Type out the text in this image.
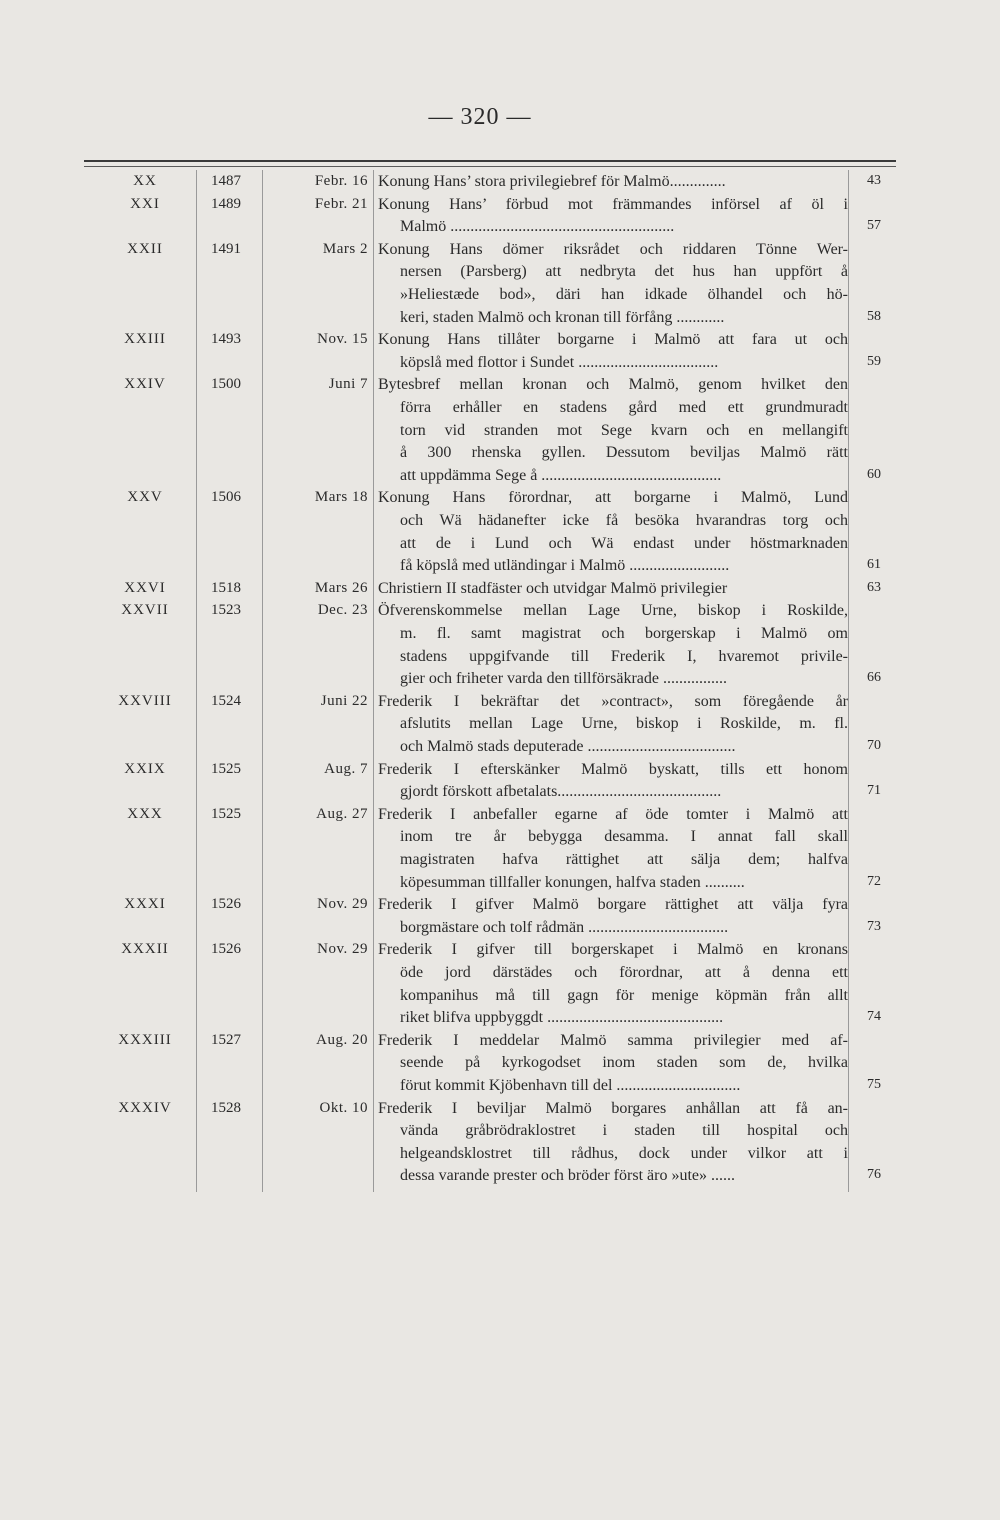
— 320 —
XX	1487	Febr. 16 Konung Hans’ stora privilegiebref för Malmö..............	43
XXI	1489	Febr. 21 Konung Hans’ förbud mot främmandes införsel af öl i
Malmö ........................................................	57
XXII	1491	Mars 2 Konung Hans dömer riksrådet och riddaren Tönne Wer-
nersen (Parsberg) att nedbryta det hus han uppfört å
»Heliestæde bod», däri han idkade ölhandel och hö-
keri, staden Malmö och kronan till förfång ............	58
XXIII	1493	Nov. 15 Konung Hans tillåter borgarne i Malmö att fara ut och
köpslå med flottor i Sundet ...................................	59
XXIV	1500	Juni 7 Bytesbref mellan kronan och Malmö, genom hvilket den
förra erhåller en stadens gård med ett grundmuradt
torn vid stranden mot Sege kvarn och en mellangift
å 300 rhenska gyllen. Dessutom beviljas Malmö rätt
att uppdämma Sege å .............................................	60
XXV	1506	Mars 18 Konung Hans förordnar, att borgarne i Malmö, Lund
och Wä hädanefter icke få besöka hvarandras torg och
att de i Lund och Wä endast under höstmarknaden
få köpslå med utländingar i Malmö .........................	61
XXVI	1518	Mars 26 Christiern II stadfäster och utvidgar Malmö privilegier	63
XXVII	1523	Dec. 23 Öfverenskommelse mellan Lage Urne, biskop i Roskilde,
m. fl. samt magistrat och borgerskap i Malmö om
stadens uppgifvande till Frederik I, hvaremot privile-
gier och friheter varda den tillförsäkrade ................	66
XXVIII	1524	Juni 22 Frederik I bekräftar det »contract», som föregående år
afslutits mellan Lage Urne, biskop i Roskilde, m. fl.
och Malmö stads deputerade .....................................	70
XXIX	1525	Aug. 7 Frederik I efterskänker Malmö byskatt, tills ett honom
gjordt förskott afbetalats.........................................	71
XXX	1525	Aug. 27 Frederik I anbefaller egarne af öde tomter i Malmö att
inom tre år bebygga desamma. I annat fall skall
magistraten hafva rättighet att sälja dem; halfva
köpesumman tillfaller konungen, halfva staden ..........	72
XXXI	1526	Nov. 29 Frederik I gifver Malmö borgare rättighet att välja fyra
borgmästare och tolf rådmän ...................................	73
XXXII	1526	Nov. 29 Frederik I gifver till borgerskapet i Malmö en kronans
öde jord därstädes och förordnar, att å denna ett
kompanihus må till gagn för menige köpmän från allt
riket blifva uppbyggdt ............................................	74
XXXIII	1527	Aug. 20 Frederik I meddelar Malmö samma privilegier med af-
seende på kyrkogodset inom staden som de, hvilka
förut kommit Kjöbenhavn till del ...............................	75
XXXIV	1528	Okt. 10 Frederik I beviljar Malmö borgares anhållan att få an-
vända gråbrödraklostret i staden till hospital och
helgeandsklostret till rådhus, dock under vilkor att i
dessa varande prester och bröder först äro »ute» ......	76
